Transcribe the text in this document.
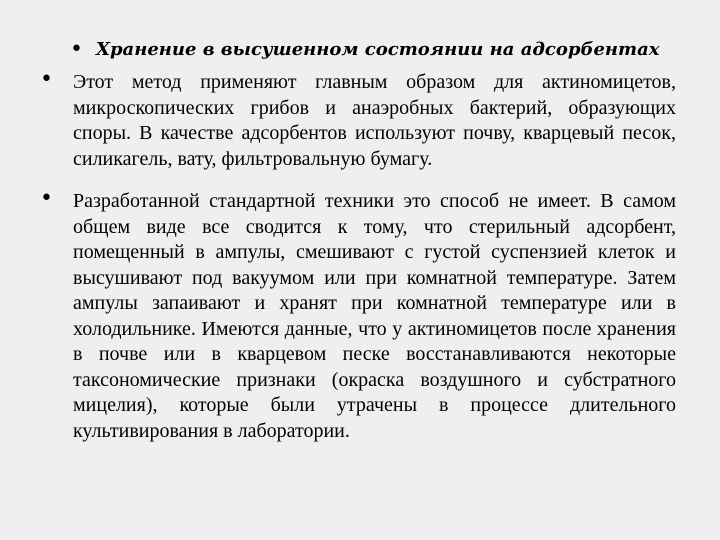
• Хранение в высушенном состоянии на адсорбентах
• Этот метод применяют главным образом для актиномицетов, микроскопических грибов и анаэробных бактерий, образующих споры. В качестве адсорбентов используют почву, кварцевый песок, силикагель, вату, фильтровальную бумагу.
• Разработанной стандартной техники это способ не имеет. В самом общем виде все сводится к тому, что стерильный адсорбент, помещенный в ампулы, смешивают с густой суспензией клеток и высушивают под вакуумом или при комнатной температуре. Затем ампулы запаивают и хранят при комнатной температуре или в холодильнике. Имеются данные, что у актиномицетов после хранения в почве или в кварцевом песке восстанавливаются некоторые таксономические признаки (окраска воздушного и субстратного мицелия), которые были утрачены в процессе длительного культивирования в лаборатории.
